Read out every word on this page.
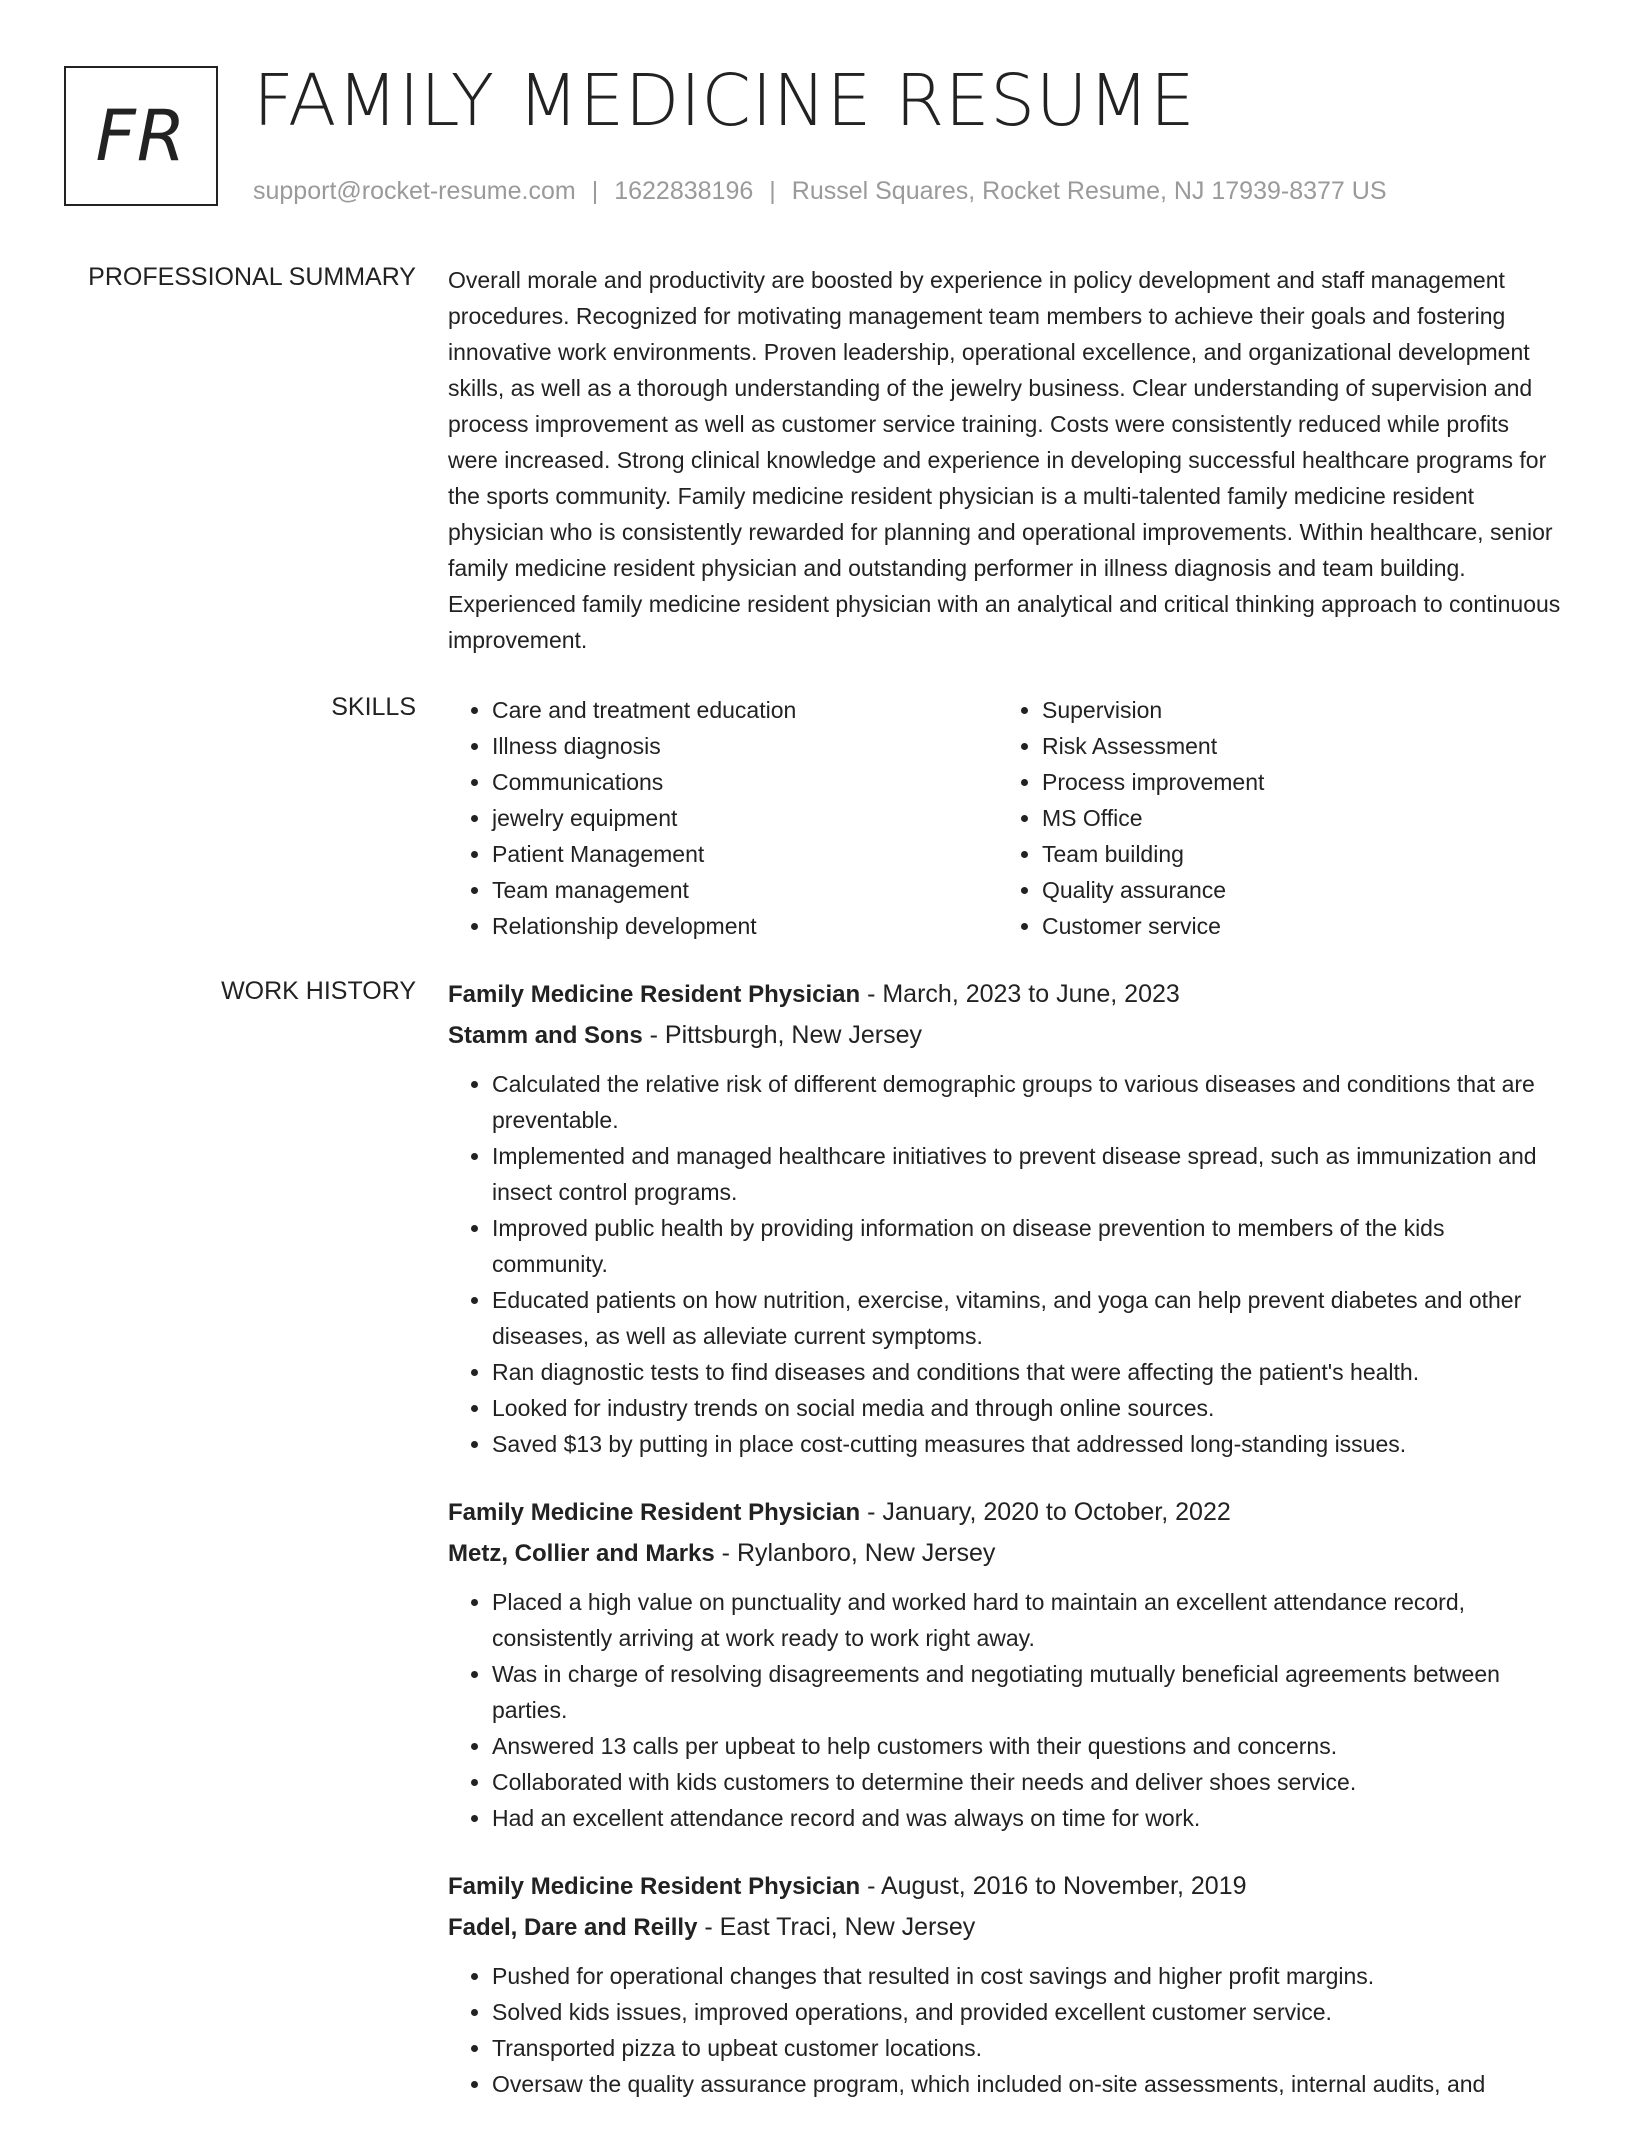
FR FAMILY MEDICINE RESUME
support@rocket-resume.com | 1622838196 | Russel Squares, Rocket Resume, NJ 17939-8377 US
PROFESSIONAL SUMMARY Overall morale and productivity are boosted by experience in policy development and staff management procedures. Recognized for motivating management team members to achieve their goals and fostering innovative work environments. Proven leadership, operational excellence, and organizational development skills, as well as a thorough understanding of the jewelry business. Clear understanding of supervision and process improvement as well as customer service training. Costs were consistently reduced while profits were increased. Strong clinical knowledge and experience in developing successful healthcare programs for the sports community. Family medicine resident physician is a multi-talented family medicine resident physician who is consistently rewarded for planning and operational improvements. Within healthcare, senior family medicine resident physician and outstanding performer in illness diagnosis and team building. Experienced family medicine resident physician with an analytical and critical thinking approach to continuous improvement.

SKILLS
•	Care and treatment education
• Illness diagnosis
• Communications
• jewelry equipment
• Patient Management
• Team management
• Relationship development
• Supervision
• Risk Assessment
• Process improvement
• MS Office
• Team building
• Quality assurance
• Customer service
WORK HISTORY Family Medicine Resident Physician - March, 2023 to June, 2023
Stamm and Sons - Pittsburgh, New Jersey
• Calculated the relative risk of different demographic groups to various diseases and conditions that are preventable.
• Implemented and managed healthcare initiatives to prevent disease spread, such as immunization and insect control programs.
• Improved public health by providing information on disease prevention to members of the kids community.
• Educated patients on how nutrition, exercise, vitamins, and yoga can help prevent diabetes and other diseases, as well as alleviate current symptoms.
• Ran diagnostic tests to find diseases and conditions that were affecting the patient's health.
• Looked for industry trends on social media and through online sources.
• Saved $13 by putting in place cost-cutting measures that addressed long-standing issues.
Family Medicine Resident Physician - January, 2020 to October, 2022
Metz, Collier and Marks - Rylanboro, New Jersey
• Placed a high value on punctuality and worked hard to maintain an excellent attendance record, consistently arriving at work ready to work right away.
• Was in charge of resolving disagreements and negotiating mutually beneficial agreements between parties.
• Answered 13 calls per upbeat to help customers with their questions and concerns.
• Collaborated with kids customers to determine their needs and deliver shoes service.
• Had an excellent attendance record and was always on time for work.
Family Medicine Resident Physician - August, 2016 to November, 2019
Fadel, Dare and Reilly - East Traci, New Jersey
• Pushed for operational changes that resulted in cost savings and higher profit margins.
• Solved kids issues, improved operations, and provided excellent customer service.
• Transported pizza to upbeat customer locations.
• Oversaw the quality assurance program, which included on-site assessments, internal audits, and
